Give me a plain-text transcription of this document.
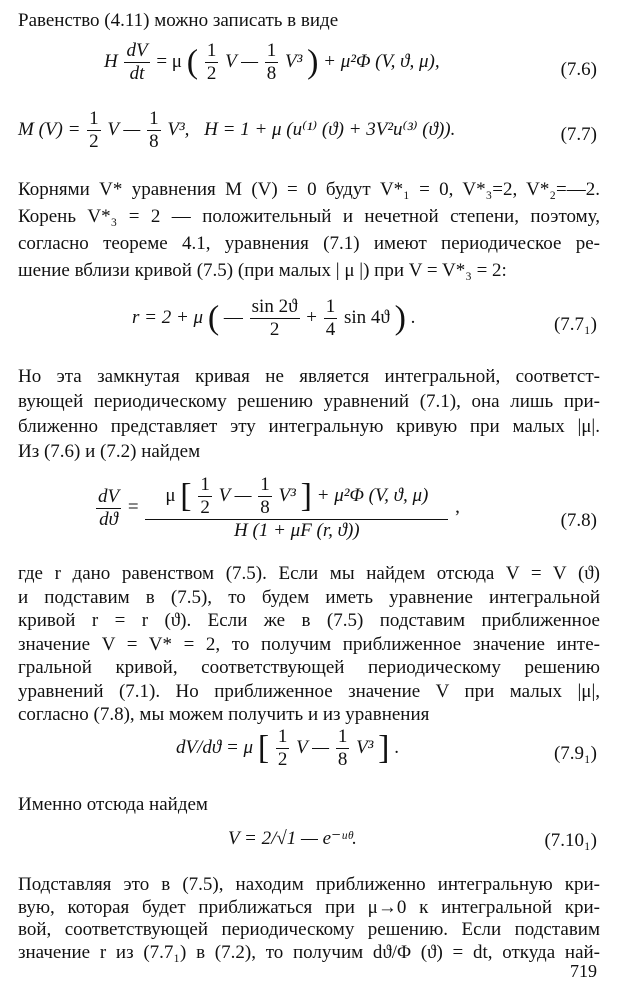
Равенство (4.11) можно записать в виде
H $\frac{dV}{dt} = \mu$ ( $\frac{1}{2}$ V — $\frac{1}{8} V^3$ ) + μ²Φ (V, ϑ, μ),	(7.6)
M $(V) = \frac{1}{2}$ V — $\frac{1}{8} V^3$, H = 1 + μ (u⁽¹⁾ (ϑ) + 3V²u⁽³⁾ (ϑ)).	(7.7)
Корнями V* уравнения M (V) = 0 будут V*₁ = 0, V*₃=2, V*₂=—2.
Корень V*₃ = 2 — положительный и нечетной степени, поэтому,
согласно теореме 4.1, уравнения (7.1) имеют периодическое ре-
шение вблизи кривой (7.5) (при малых | μ |) при V = V*₃ = 2:
r = 2 + μ ( — $\frac{\sin 2ϑ}{2} + \frac{1}{4}$ sin 4ϑ ) .	(7.7₁)
Но эта замкнутая кривая не является интегральной, соответст-
вующей периодическому решению уравнений (7.1), она лишь при-
ближенно представляет эту интегральную кривую при малых |μ|.
Из (7.6) и (7.2) найдем
$\frac{dV}{dϑ}$ =
μ [ $\frac{1}{2}$ V — $\frac{1}{8} V^3$ ] + μ²Φ (V, ϑ, μ)
H (1 + μF (r, ϑ))
,
(7.8)
где r дано равенством (7.5). Если мы найдем отсюда V = V (ϑ)
и подставим в (7.5), то будем иметь уравнение интегральной
кривой r = r (ϑ). Если же в (7.5) подставим приближенное
значение V = V* = 2, то получим приближенное значение инте-
гральной кривой, соответствующей периодическому решению
уравнений (7.1). Но приближенное значение V при малых |μ|,
согласно (7.8), мы можем получить и из уравнения
dV/dϑ = μ [ $\frac{1}{2}$ V — $\frac{1}{8} V^3$ ] .	(7.9₁)
Именно отсюда найдем
V = 2/√1 — e⁻ᵘᶿ.	(7.10₁)
Подставляя это в (7.5), находим приближенно интегральную кри-
вую, которая будет приближаться при μ→0 к интегральной кри-
вой, соответствующей периодическому решению. Если подставим
значение r из (7.7₁) в (7.2), то получим dϑ/Φ (ϑ) = dt, откуда най-
719
